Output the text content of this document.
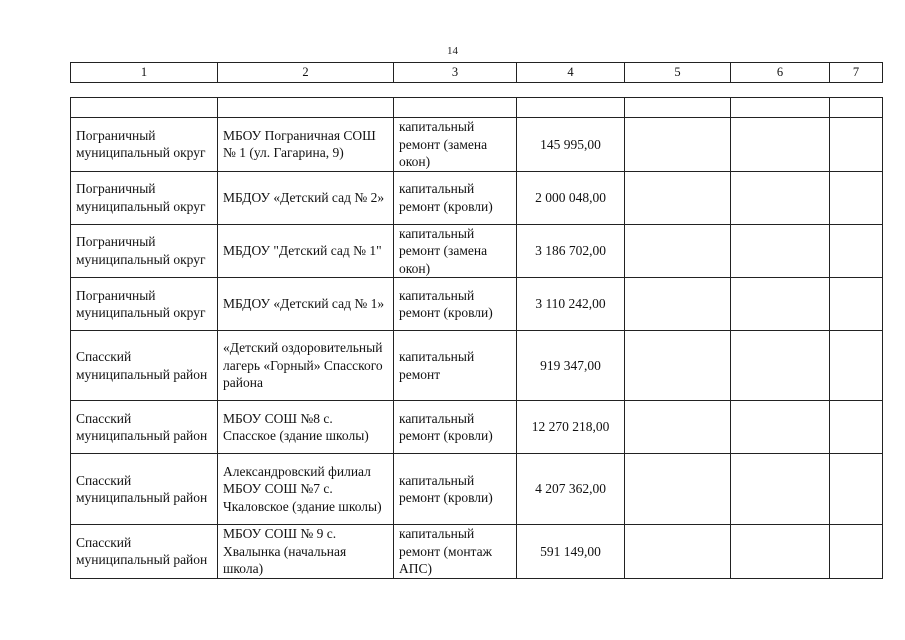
14
1	2	3	4	5	6	7

Пограничный муниципальный округ	МБОУ Пограничная СОШ № 1 (ул. Гагарина, 9)	капитальный ремонт (замена окон)	145 995,00			
Пограничный муниципальный округ	МБДОУ «Детский сад № 2»	капитальный ремонт (кровли)	2 000 048,00			
Пограничный муниципальный округ	МБДОУ "Детский сад № 1"	капитальный ремонт (замена окон)	3 186 702,00			
Пограничный муниципальный округ	МБДОУ «Детский сад № 1»	капитальный ремонт (кровли)	3 110 242,00			
Спасский муниципальный район	«Детский оздоровительный лагерь «Горный» Спасского района	капитальный ремонт	919 347,00			
Спасский муниципальный район	МБОУ СОШ №8 с. Спасское (здание школы)	капитальный ремонт (кровли)	12 270 218,00			
Спасский муниципальный район	Александровский филиал МБОУ СОШ №7 с. Чкаловское (здание школы)	капитальный ремонт (кровли)	4 207 362,00			
Спасский муниципальный район	МБОУ СОШ № 9 с. Хвалынка (начальная школа)	капитальный ремонт (монтаж АПС)	591 149,00			
